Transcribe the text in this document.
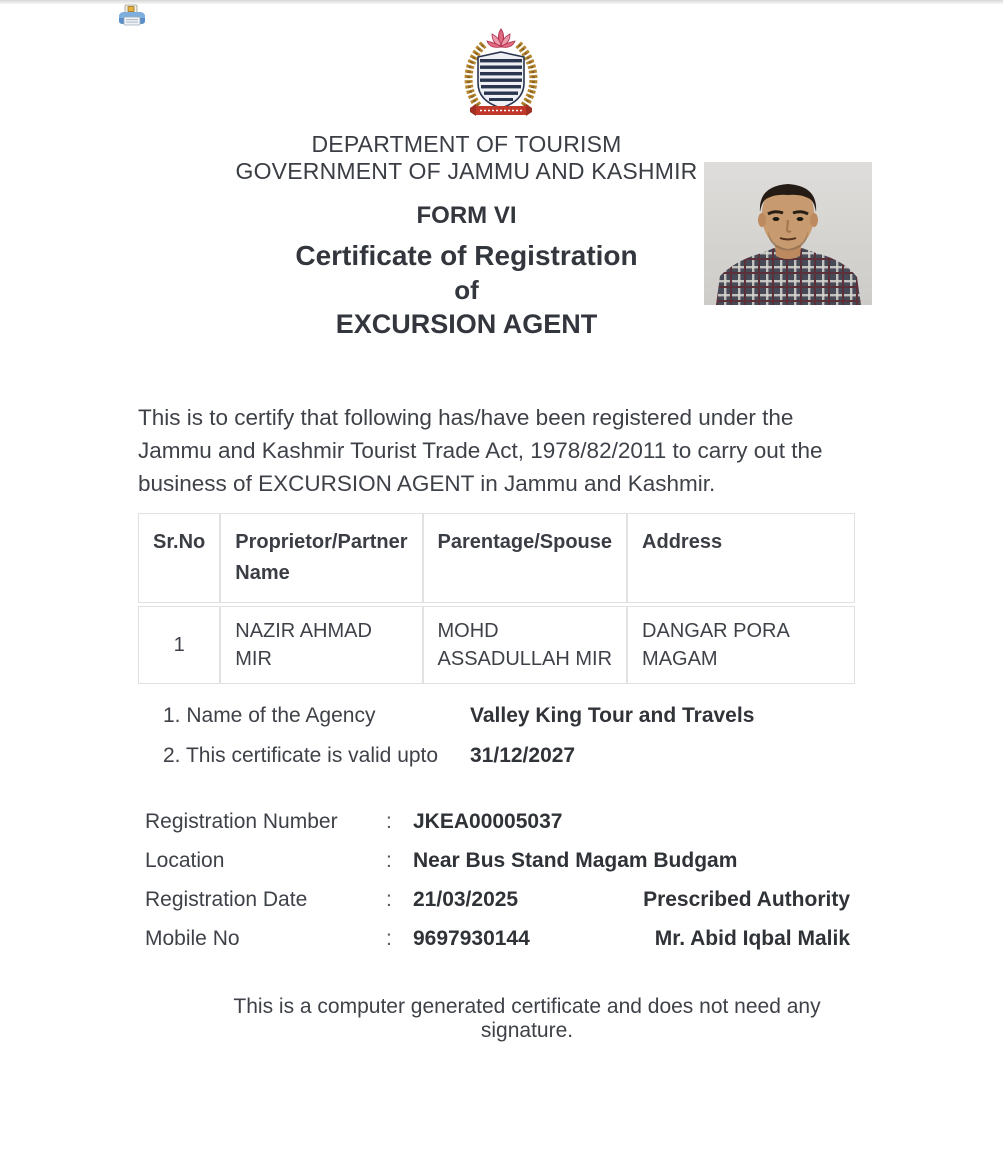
DEPARTMENT OF TOURISM
GOVERNMENT OF JAMMU AND KASHMIR
FORM VI
Certificate of Registration
of
EXCURSION AGENT
This is to certify that following has/have been registered under the Jammu and Kashmir Tourist Trade Act, 1978/82/2011 to carry out the business of EXCURSION AGENT in Jammu and Kashmir.
Sr.No	Proprietor/Partner Name	Parentage/Spouse	Address
1	NAZIR AHMAD MIR	MOHD ASSADULLAH MIR	DANGAR PORA MAGAM
1. Name of the Agency	Valley King Tour and Travels
2. This certificate is valid upto 31/12/2027
Registration Number : JKEA00005037
Location	: Near Bus Stand Magam Budgam
Registration Date	: 21/03/2025	Prescribed Authority
Mobile No	: 9697930144	Mr. Abid Iqbal Malik
This is a computer generated certificate and does not need any signature.
